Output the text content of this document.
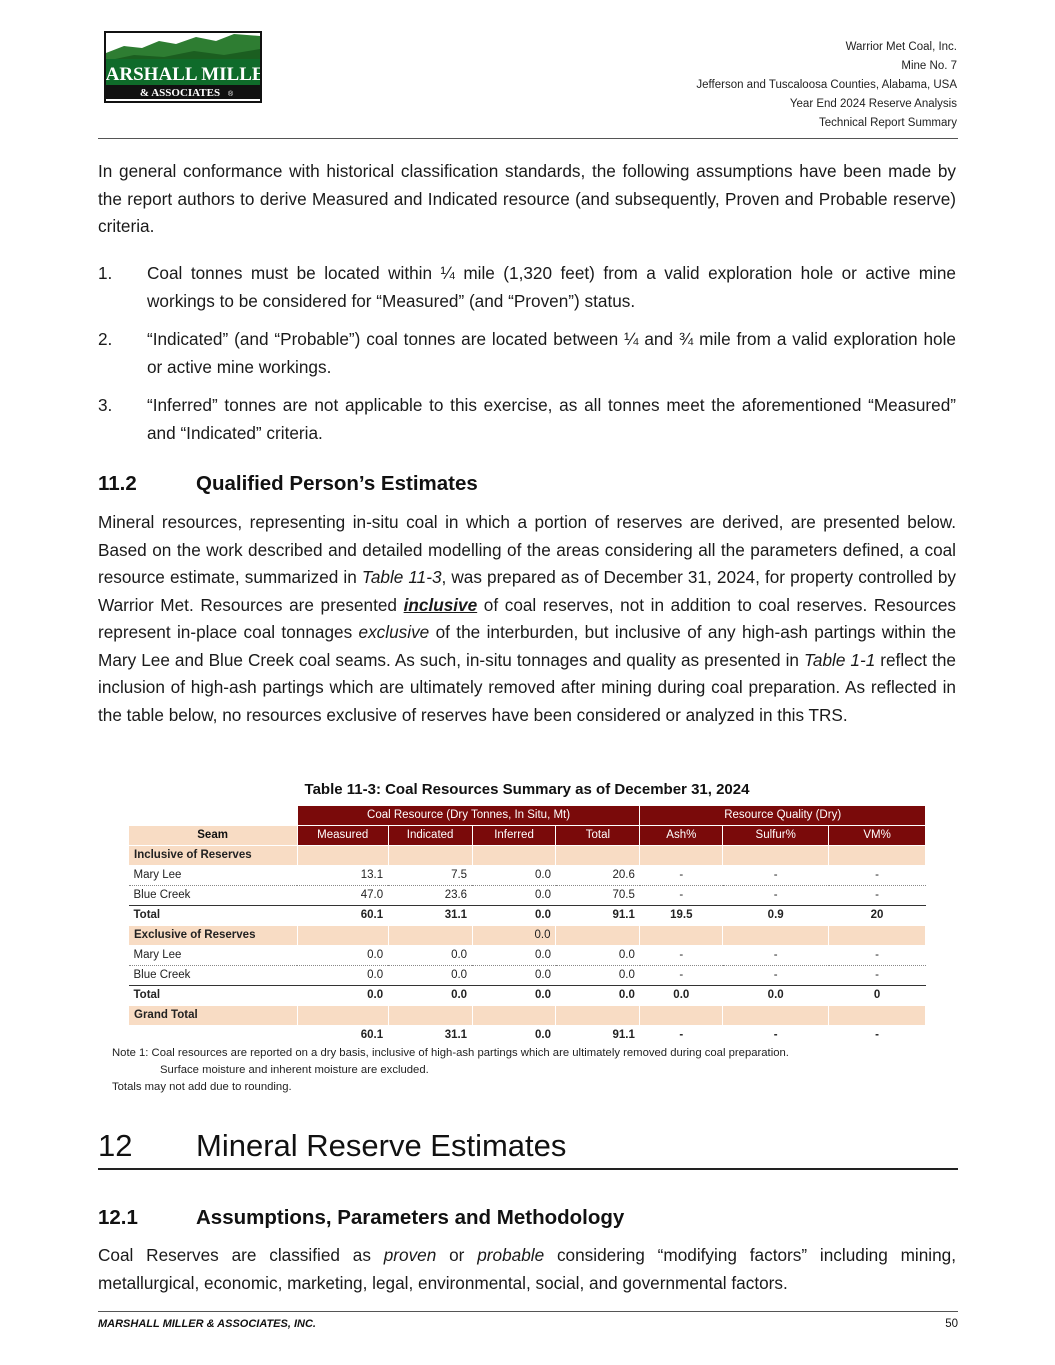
MARSHALL MILLER
& ASSOCIATES ®
Warrior Met Coal, Inc.
Mine No. 7
Jefferson and Tuscaloosa Counties, Alabama, USA
Year End 2024 Reserve Analysis
Technical Report Summary

In general conformance with historical classification standards, the following assumptions have been made by the report authors to derive Measured and Indicated resource (and subsequently, Proven and Probable reserve) criteria.

1. Coal tonnes must be located within ¼ mile (1,320 feet) from a valid exploration hole or active mine workings to be considered for “Measured” (and “Proven”) status.
2. “Indicated” (and “Probable”) coal tonnes are located between ¼ and ¾ mile from a valid exploration hole or active mine workings.
3. “Inferred” tonnes are not applicable to this exercise, as all tonnes meet the aforementioned “Measured” and “Indicated” criteria.
11.2	Qualified Person’s Estimates

Mineral resources, representing in-situ coal in which a portion of reserves are derived, are presented below. Based on the work described and detailed modelling of the areas considering all the parameters defined, a coal resource estimate, summarized in Table 11-3, was prepared as of December 31, 2024, for property controlled by Warrior Met. Resources are presented inclusive of coal reserves, not in addition to coal reserves. Resources represent in-place coal tonnages exclusive of the interburden, but inclusive of any high-ash partings within the Mary Lee and Blue Creek coal seams. As such, in-situ tonnages and quality as presented in Table 1-1 reflect the inclusion of high-ash partings which are ultimately removed after mining during coal preparation. As reflected in the table below, no resources exclusive of reserves have been considered or analyzed in this TRS.

Table 11-3: Coal Resources Summary as of December 31, 2024
	Coal Resource (Dry Tonnes, In Situ, Mt)				Resource Quality (Dry)		
Seam	Measured	Indicated	Inferred	Total	Ash%	Sulfur%	VM%
Inclusive of Reserves							
Mary Lee	13.1	7.5	0.0	20.6	-	-	-
Blue Creek	47.0	23.6	0.0	70.5	-	-	-
Total	60.1	31.1	0.0	91.1	19.5	0.9	20
Exclusive of Reserves			0.0				
Mary Lee	0.0	0.0	0.0	0.0	-	-	-
Blue Creek	0.0	0.0	0.0	0.0	-	-	-
Total	0.0	0.0	0.0	0.0	0.0	0.0	0
Grand Total							
	60.1	31.1	0.0	91.1	-	-	-
Note 1: Coal resources are reported on a dry basis, inclusive of high-ash partings which are ultimately removed during coal preparation.
Surface moisture and inherent moisture are excluded.
Totals may not add due to rounding.
12 Mineral Reserve Estimates
12.1	Assumptions, Parameters and Methodology

Coal Reserves are classified as proven or probable considering “modifying factors” including mining, metallurgical, economic, marketing, legal, environmental, social, and governmental factors.

MARSHALL MILLER & ASSOCIATES, INC.	50
